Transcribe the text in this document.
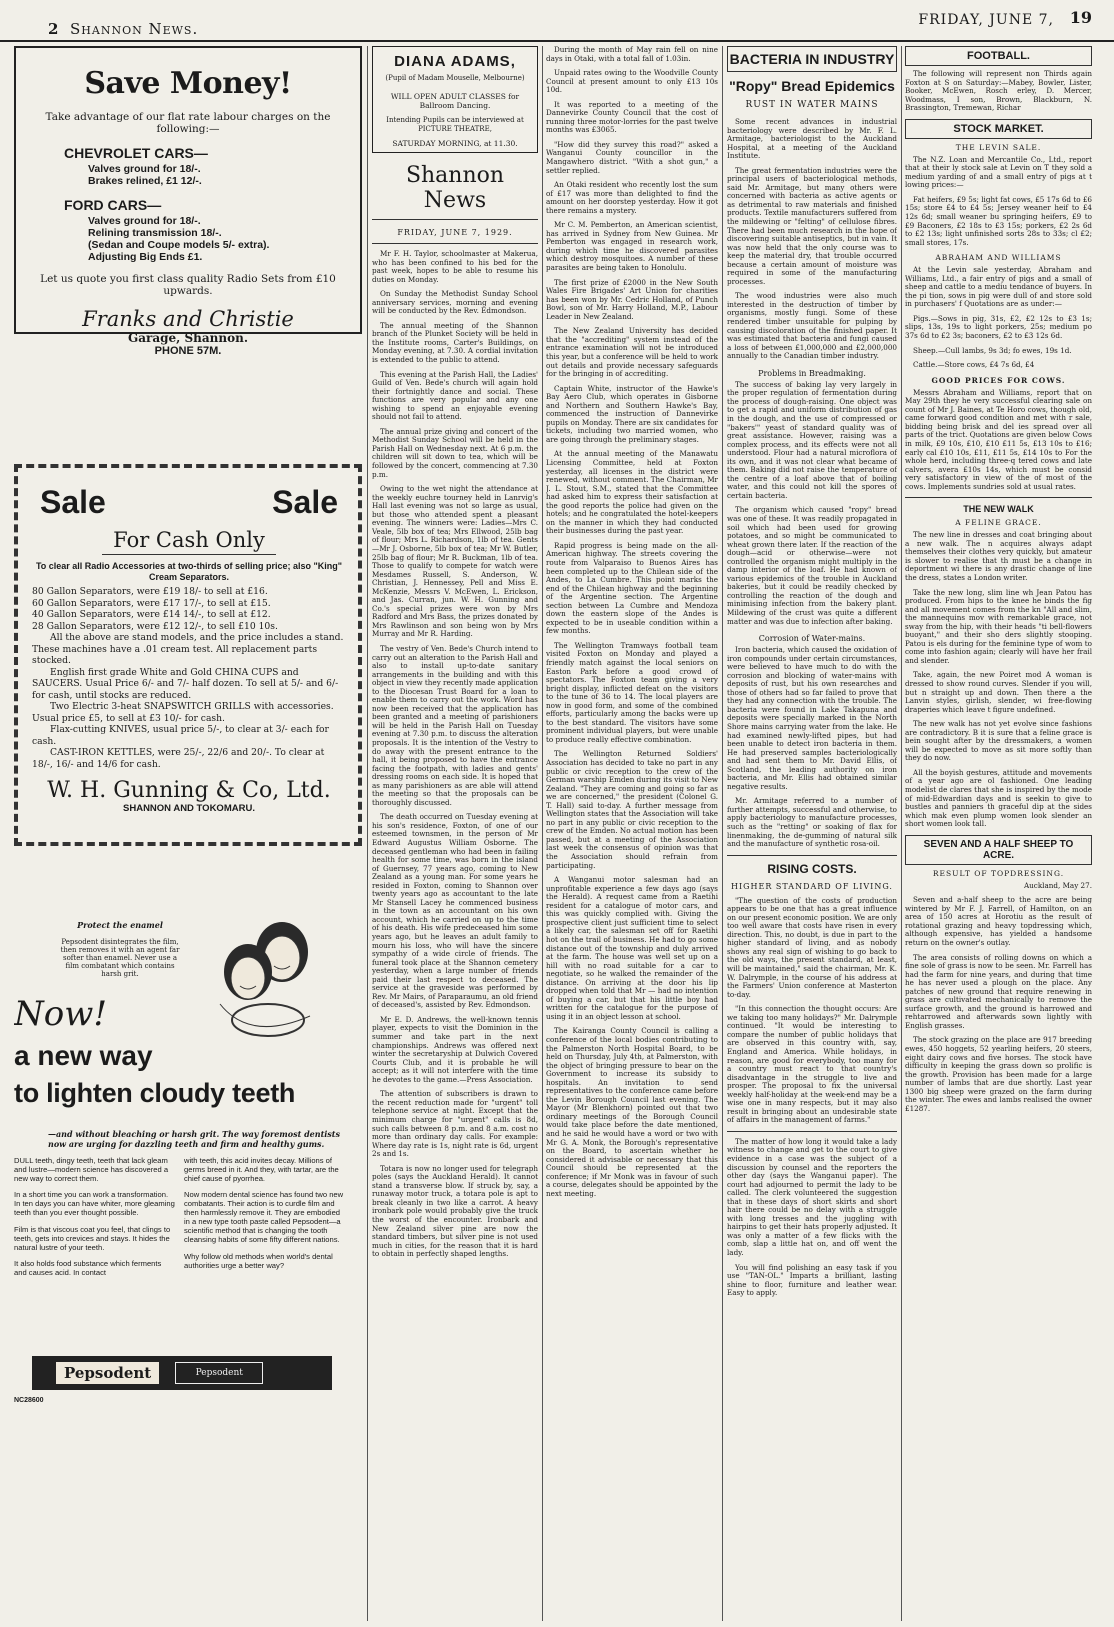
2 Shannon News.	FRIDAY, JUNE 7, 19
Save Money!

Take advantage of our flat rate labour charges on the following:—

CHEVROLET CARS—

Valves ground for 18/-.

Brakes relined, £1 12/-.

FORD CARS—

Valves ground for 18/-.

Relining transmission 18/-.

(Sedan and Coupe models 5/- extra).

Adjusting Big Ends £1.

Let us quote you first class quality Radio Sets from £10 upwards.

Franks and Christie

Garage, Shannon.

PHONE 57M.

Sale	Sale

For Cash Only

To clear all Radio Accessories at two-thirds of selling price; also "King" Cream Separators.

80 Gallon Separators, were £19 18/- to sell at £16.

60 Gallon Separators, were £17 17/-, to sell at £15.

40 Gallon Separators, were £14 14/-, to sell at £12.

28 Gallon Separators, were £12 12/-, to sell £10 10s.

All the above are stand models, and the price includes a stand. These machines have a .01 cream test. All replacement parts stocked.

English first grade White and Gold CHINA CUPS and SAUCERS. Usual Price 6/- and 7/- half dozen. To sell at 5/- and 6/- for cash, until stocks are reduced.

Two Electric 3-heat SNAPSWITCH GRILLS with accessories. Usual price £5, to sell at £3 10/- for cash.

Flax-cutting KNIVES, usual price 5/-, to clear at 3/- each for cash.

CAST-IRON KETTLES, were 25/-, 22/6 and 20/-. To clear at 18/-, 16/- and 14/6 for cash.

W. H. Gunning & Co, Ltd.

SHANNON AND TOKOMARU.

Protect the enamel

Pepsodent disintegrates the film, then removes it with an agent far softer than enamel. Never use a film combatant which contains harsh grit.

Now!
a new way
to lighten cloudy teeth

—and without bleaching or harsh grit. The way foremost dentists now are urging for dazzling teeth and firm and healthy gums.

DULL teeth, dingy teeth, teeth that lack gleam and lustre—modern science has discovered a new way to correct them.

In a short time you can work a transformation. In ten days you can have whiter, more gleaming teeth than you ever thought possible.

Film is that viscous coat you feel, that clings to teeth, gets into crevices and stays. It hides the natural lustre of your teeth.

It also holds food substance which ferments and causes acid. In contact

with teeth, this acid invites decay. Millions of germs breed in it. And they, with tartar, are the chief cause of pyorrhea.

Now modern dental science has found two new combatants. Their action is to curdle film and then harmlessly remove it. They are embodied in a new type tooth paste called Pepsodent—a scientific method that is changing the tooth cleansing habits of some fifty different nations.

Why follow old methods when world's dental authorities urge a better way?

Pepsodent	Pepsodent

NC28600

DIANA ADAMS,

(Pupil of Madam Mouselle, Melbourne)

WILL OPEN ADULT CLASSES for Ballroom Dancing.

Intending Pupils can be interviewed at PICTURE THEATRE,

SATURDAY MORNING, at 11.30.

Shannon News

FRIDAY, JUNE 7, 1929.

Mr F. H. Taylor, schoolmaster at Makerua, who has been confined to his bed for the past week, hopes to be able to resume his duties on Monday.

On Sunday the Methodist Sunday School anniversary services, morning and evening will be conducted by the Rev. Edmondson.

The annual meeting of the Shannon branch of the Plunket Society will be held in the Institute rooms, Carter's Buildings, on Monday evening, at 7.30. A cordial invitation is extended to the public to attend.

This evening at the Parish Hall, the Ladies' Guild of Ven. Bede's church will again hold their fortnightly dance and social. These functions are very popular and any one wishing to spend an enjoyable evening should not fail to attend.

The annual prize giving and concert of the Methodist Sunday School will be held in the Parish Hall on Wednesday next. At 6 p.m. the children will sit down to tea, which will be followed by the concert, commencing at 7.30 p.m.

Owing to the wet night the attendance at the weekly euchre tourney held in Lanrvig's Hall last evening was not so large as usual, but those who attended spent a pleasant evening. The winners were: Ladies—Mrs C. Veale, 5lb box of tea; Mrs Ellwood, 25lb bag of flour; Mrs L. Richardson, 1lb of tea. Gents—Mr J. Osborne, 5lb box of tea; Mr W. Butler, 25lb bag of flour; Mr R. Buckman, 1lb of tea. Those to qualify to compete for watch were Mesdames Russell, S. Anderson, W. Christian, J. Hennessey, Pell and Miss E. McKenzie, Messrs V. McEwen, L. Erickson, and Jas. Curran, jun. W. H. Gunning and Co.'s special prizes were won by Mrs Radford and Mrs Bass, the prizes donated by Mrs Rawlinson and son being won by Mrs Murray and Mr R. Harding.

The vestry of Ven. Bede's Church intend to carry out an alteration to the Parish Hall and also to install up-to-date sanitary arrangements in the building and with this object in view they recently made application to the Diocesan Trust Board for a loan to enable them to carry out the work. Word has now been received that the application has been granted and a meeting of parishioners will be held in the Parish Hall on Tuesday evening at 7.30 p.m. to discuss the alteration proposals. It is the intention of the Vestry to do away with the present entrance to the hall, it being proposed to have the entrance facing the footpath, with ladies and gents' dressing rooms on each side. It is hoped that as many parishioners as are able will attend the meeting so that the proposals can be thoroughly discussed.

The death occurred on Tuesday evening at his son's residence, Foxton, of one of our esteemed townsmen, in the person of Mr Edward Augustus William Osborne. The deceased gentleman who had been in failing health for some time, was born in the island of Guernsey, 77 years ago, coming to New Zealand as a young man. For some years he resided in Foxton, coming to Shannon over twenty years ago as accountant to the late Mr Stansell Lacey he commenced business in the town as an accountant on his own account, which he carried on up to the time of his death. His wife predeceased him some years ago, but he leaves an adult family to mourn his loss, who will have the sincere sympathy of a wide circle of friends. The funeral took place at the Shannon cemetery yesterday, when a large number of friends paid their last respect to deceased. The service at the graveside was performed by Rev. Mr Mairs, of Paraparaumu, an old friend of deceased's, assisted by Rev. Edmondson.

Mr E. D. Andrews, the well-known tennis player, expects to visit the Dominion in the summer and take part in the next championships. Andrews was offered next winter the secretaryship at Dulwich Covered Courts Club, and it is probable he will accept; as it will not interfere with the time he devotes to the game.—Press Association.

The attention of subscribers is drawn to the recent reduction made for "urgent" toll telephone service at night. Except that the minimum charge for "urgent" calls is 8d, such calls between 8 p.m. and 8 a.m. cost no more than ordinary day calls. For example: Where day rate is 1s, night rate is 6d, urgent 2s and 1s.

Totara is now no longer used for telegraph poles (says the Auckland Herald). It cannot stand a transverse blow. If struck by, say, a runaway motor truck, a totara pole is apt to break cleanly in two like a carrot. A heavy ironbark pole would probably give the truck the worst of the encounter. Ironbark and New Zealand silver pine are now the standard timbers, but silver pine is not used much in cities, for the reason that it is hard to obtain in perfectly shaped lengths.

During the month of May rain fell on nine days in Otaki, with a total fall of 1.03in.

Unpaid rates owing to the Woodville County Council at present amount to only £13 10s 10d.

It was reported to a meeting of the Dannevirke County Council that the cost of running three motor-lorries for the past twelve months was £3065.

"How did they survey this road?" asked a Wanganui County councillor in the Mangawhero district. "With a shot gun," a settler replied.

An Otaki resident who recently lost the sum of £17 was more than delighted to find the amount on her doorstep yesterday. How it got there remains a mystery.

Mr C. M. Pemberton, an American scientist, has arrived in Sydney from New Guinea. Mr Pemberton was engaged in research work, during which time he discovered parasites which destroy mosquitoes. A number of these parasites are being taken to Honolulu.

The first prize of £2000 in the New South Wales Fire Brigades' Art Union for charities has been won by Mr. Cedric Holland, of Punch Bowl, son of Mr. Harry Holland, M.P., Labour Leader in New Zealand.

The New Zealand University has decided that the "accrediting" system instead of the entrance examination will not be introduced this year, but a conference will be held to work out details and provide necessary safeguards for the bringing in of accrediting.

Captain White, instructor of the Hawke's Bay Aero Club, which operates in Gisborne and Northern and Southern Hawke's Bay, commenced the instruction of Dannevirke pupils on Monday. There are six candidates for tickets, including two married women, who are going through the preliminary stages.

At the annual meeting of the Manawatu Licensing Committee, held at Foxton yesterday, all licenses in the district were renewed, without comment. The Chairman, Mr J. L. Stout, S.M., stated that the Committee had asked him to express their satisfaction at the good reports the police had given on the hotels; and he congratulated the hotel-keepers on the manner in which they had conducted their businesses during the past year.

Rapid progress is being made on the all-American highway. The streets covering the route from Valparaiso to Buenos Aires has been completed up to the Chilean side of the Andes, to La Cumbre. This point marks the end of the Chilean highway and the beginning of the Argentine section. The Argentine section between La Cumbre and Mendoza down the eastern slope of the Andes is expected to be in useable condition within a few months.

The Wellington Tramways football team visited Foxton on Monday and played a friendly match against the local seniors on Easton Park before a good crowd of spectators. The Foxton team giving a very bright display, inflicted defeat on the visitors to the tune of 36 to 14. The local players are now in good form, and some of the combined efforts, particularly among the backs were up to the best standard. The visitors have some prominent individual players, but were unable to produce really effective combination.

The Wellington Returned Soldiers' Association has decided to take no part in any public or civic reception to the crew of the German warship Emden during its visit to New Zealand. "They are coming and going so far as we are concerned," the president (Colonel G. T. Hall) said to-day. A further message from Wellington states that the Association will take no part in any public or civic reception to the crew of the Emden. No actual motion has been passed, but at a meeting of the Association last week the consensus of opinion was that the Association should refrain from participating.

A Wanganui motor salesman had an unprofitable experience a few days ago (says the Herald). A request came from a Raetihi resident for a catalogue of motor cars, and this was quickly complied with. Giving the prospective client just sufficient time to select a likely car, the salesman set off for Raetihi hot on the trail of business. He had to go some distance out of the township and duly arrived at the farm. The house was well set up on a hill with no road suitable for a car to negotiate, so he walked the remainder of the distance. On arriving at the door his lip dropped when told that Mr — had no intention of buying a car, but that his little boy had written for the catalogue for the purpose of using it in an object lesson at school.

The Kairanga County Council is calling a conference of the local bodies contributing to the Palmerston North Hospital Board, to be held on Thursday, July 4th, at Palmerston, with the object of bringing pressure to bear on the Government to increase its subsidy to hospitals. An invitation to send representatives to the conference came before the Levin Borough Council last evening. The Mayor (Mr Blenkhorn) pointed out that two ordinary meetings of the Borough Council would take place before the date mentioned, and he said he would have a word or two with Mr G. A. Monk, the Borough's representative on the Board, to ascertain whether he considered it advisable or necessary that this Council should be represented at the conference; if Mr Monk was in favour of such a course, delegates should be appointed by the next meeting.

BACTERIA IN INDUSTRY
"Ropy" Bread Epidemics
RUST IN WATER MAINS

Some recent advances in industrial bacteriology were described by Mr. F. L. Armitage, bacteriologist to the Auckland Hospital, at a meeting of the Auckland Institute.

The great fermentation industries were the principal users of bacteriological methods, said Mr. Armitage, but many others were concerned with bacteria as active agents or as detrimental to raw materials and finished products. Textile manufacturers suffered from the mildewing or "felting" of cellulose fibres. There had been much research in the hope of discovering suitable antiseptics, but in vain. It was now held that the only course was to keep the material dry, that trouble occurred because a certain amount of moisture was required in some of the manufacturing processes.

The wood industries were also much interested in the destruction of timber by organisms, mostly fungi. Some of these rendered timber unsuitable for pulping by causing discoloration of the finished paper. It was estimated that bacteria and fungi caused a loss of between £1,000,000 and £2,000,000 annually to the Canadian timber industry.

Problems in Breadmaking.

The success of baking lay very largely in the proper regulation of fermentation during the process of dough-raising. One object was to get a rapid and uniform distribution of gas in the dough, and the use of compressed or "bakers'" yeast of standard quality was of great assistance. However, raising was a complex process, and its effects were not all understood. Flour had a natural microflora of its own, and it was not clear what became of them. Baking did not raise the temperature of the centre of a loaf above that of boiling water, and this could not kill the spores of certain bacteria.

The organism which caused "ropy" bread was one of these. It was readily propagated in soil which had been used for growing potatoes, and so might be communicated to wheat grown there later. If the reaction of the dough—acid or otherwise—were not controlled the organism might multiply in the damp interior of the loaf. He had known of various epidemics of the trouble in Auckland bakeries, but it could be readily checked by controlling the reaction of the dough and minimising infection from the bakery plant. Mildewing of the crust was quite a different matter and was due to infection after baking.

Corrosion of Water-mains.

Iron bacteria, which caused the oxidation of iron compounds under certain circumstances, were believed to have much to do with the corrosion and blocking of water-mains with deposits of rust, but his own researches and those of others had so far failed to prove that they had any connection with the trouble. The bacteria were found in Lake Takapuna and deposits were specially marked in the North Shore mains carrying water from the lake. He had examined newly-lifted pipes, but had been unable to detect iron bacteria in them. He had preserved samples bacteriologically and had sent them to Mr. David Ellis, of Scotland, the leading authority on iron bacteria, and Mr. Ellis had obtained similar negative results.

Mr. Armitage referred to a number of further attempts, successful and otherwise, to apply bacteriology to manufacture processes, such as the "retting" or soaking of flax for linenmaking, the de-gumming of natural silk and the manufacture of synthetic rosa-oil.

RISING COSTS.
HIGHER STANDARD OF LIVING.

"The question of the costs of production appears to be one that has a great influence on our present economic position. We are only too well aware that costs have risen in every direction. This, no doubt, is due in part to the higher standard of living, and as nobody shows any real sign of wishing to go back to the old ways, the present standard, at least, will be maintained," said the chairman, Mr. K. W. Dalrymple, in the course of his address at the Farmers' Union conference at Masterton to-day.

"In this connection the thought occurs: Are we taking too many holidays?" Mr. Dalrymple continued. "It would be interesting to compare the number of public holidays that are observed in this country with, say, England and America. While holidays, in reason, are good for everybody, too many for a country must react to that country's disadvantage in the struggle to live and prosper. The proposal to fix the universal weekly half-holiday at the week-end may be a wise one in many respects, but it may also result in bringing about an undesirable state of affairs in the management of farms."

The matter of how long it would take a lady witness to change and get to the court to give evidence in a case was the subject of a discussion by counsel and the reporters the other day (says the Wanganui paper). The court had adjourned to permit the lady to be called. The clerk volunteered the suggestion that in these days of short skirts and short hair there could be no delay with a struggle with long tresses and the juggling with hairpins to get their hats properly adjusted. It was only a matter of a few flicks with the comb, slap a little hat on, and off went the lady.

You will find polishing an easy task if you use "TAN-OL." Imparts a brilliant, lasting shine to floor, furniture and leather wear. Easy to apply.

FOOTBALL.

The following will represent non Thirds again Foxton at S on Saturday:—Mabey, Bowler, Lister, Booker, McEwen, Rosch erley, D. Mercer, Woodmass, I son, Brown, Blackburn, N. Brassington, Tremewan, Richar

STOCK MARKET.
THE LEVIN SALE.

The N.Z. Loan and Mercantile Co., Ltd., report that at their ly stock sale at Levin on T they sold a medium yarding of and a small entry of pigs at t lowing prices:—

Fat heifers, £9 5s; light fat cows, £5 17s 6d to £6 15s; store £4 to £4 5s; Jersey weaner heif to £4 12s 6d; small weaner bu springing heifers, £9 to £9 Baconers, £2 18s to £3 15s; porkers, £2 2s 6d to £2 13s; light unfinished sorts 28s to 33s; cl £2; small stores, 17s.

ABRAHAM AND WILLIAMS

At the Levin sale yesterday, Abraham and Williams, Ltd., a fair entry of pigs and a small of sheep and cattle to a mediu tendance of buyers. In the pi tion, sows in pig were dull of and store sold in purchasers' f Quotations are as under:—

Pigs.—Sows in pig, 31s, £2, £2 12s to £3 1s; slips, 13s, 19s to light porkers, 25s; medium po 37s 6d to £2 3s; baconers, £2 to £3 12s 6d.

Sheep.—Cull lambs, 9s 3d; fo ewes, 19s 1d.

Cattle.—Store cows, £4 7s 6d, £4

GOOD PRICES FOR COWS.

Messrs Abraham and Williams, report that on May 29th they he very successful clearing sale on count of Mr J. Baines, at Te Horo cows, though old, came forward good condition and met with r sale, bidding being brisk and del ies spread over all parts of the trict. Quotations are given below Cows in milk, £9 10s, £10, £10 £11 5s, £13 10s to £16; early cal £10 10s, £11, £11 5s, £14 10s to For the whole herd, including three-q tered cows and late calvers, avera £10s 14s, which must be consid very satisfactory in view of the of most of the cows. Implements sundries sold at usual rates.

THE NEW WALK
A FELINE GRACE.

The new line in dresses and coat bringing about a new walk. The n acquires always adapt themselves their clothes very quickly, but amateur is slower to realise that th must be a change in deportment wi there is any drastic change of line the dress, states a London writer.

Take the new long, slim line wh Jean Patou has produced. From hips to the knee he binds the fig and all movement comes from the kn "All and slim, the mannequins mov with remarkable grace, not sway from the hip, with their heads "ti bell-flowers buoyant," and their sho ders slightly stooping. Patou is els during for the feminine type of wom to come into fashion again; clearly will have her frail and slender.

Take, again, the new Poiret mod A woman is dressed to show round curves. Slender if you will, but n straight up and down. Then there a the Lanvin styles, girlish, slender, wi free-flowing draperies which leave t figure undefined.

The new walk has not yet evolve since fashions are contradictory. B it is sure that a feline grace is bein sought after by the dressmakers, a women will be expected to move as sit more softly than they do now.

All the boyish gestures, attitude and movements of a year ago are ol fashioned. One leading modelist de clares that she is inspired by the mode of mid-Edwardian days and is seekin to give to bustles and panniers th graceful dip at the sides which mak even plump women look slender an short women look tall.

SEVEN AND A HALF SHEEP TO ACRE.
RESULT OF TOPDRESSING.

Auckland, May 27.

Seven and a-half sheep to the acre are being wintered by Mr F. J. Farrell, of Hamilton, on an area of 150 acres at Horotiu as the result of rotational grazing and heavy topdressing which, although expensive, has yielded a handsome return on the owner's outlay.

The area consists of rolling downs on which a fine sole of grass is now to be seen. Mr. Farrell has had the farm for nine years, and during that time he has never used a plough on the place. Any patches of new ground that require renewing in grass are cultivated mechanically to remove the surface growth, and the ground is harrowed and rehtarrowed and afterwards sown lightly with English grasses.

The stock grazing on the place are 917 breeding ewes, 450 hoggets, 52 yearling heifers, 20 steers, eight dairy cows and five horses. The stock have difficulty in keeping the grass down so prolific is the growth. Provision has been made for a large number of lambs that are due shortly. Last year 1300 big sheep were grazed on the farm during the winter. The ewes and lambs realised the owner £1287.
